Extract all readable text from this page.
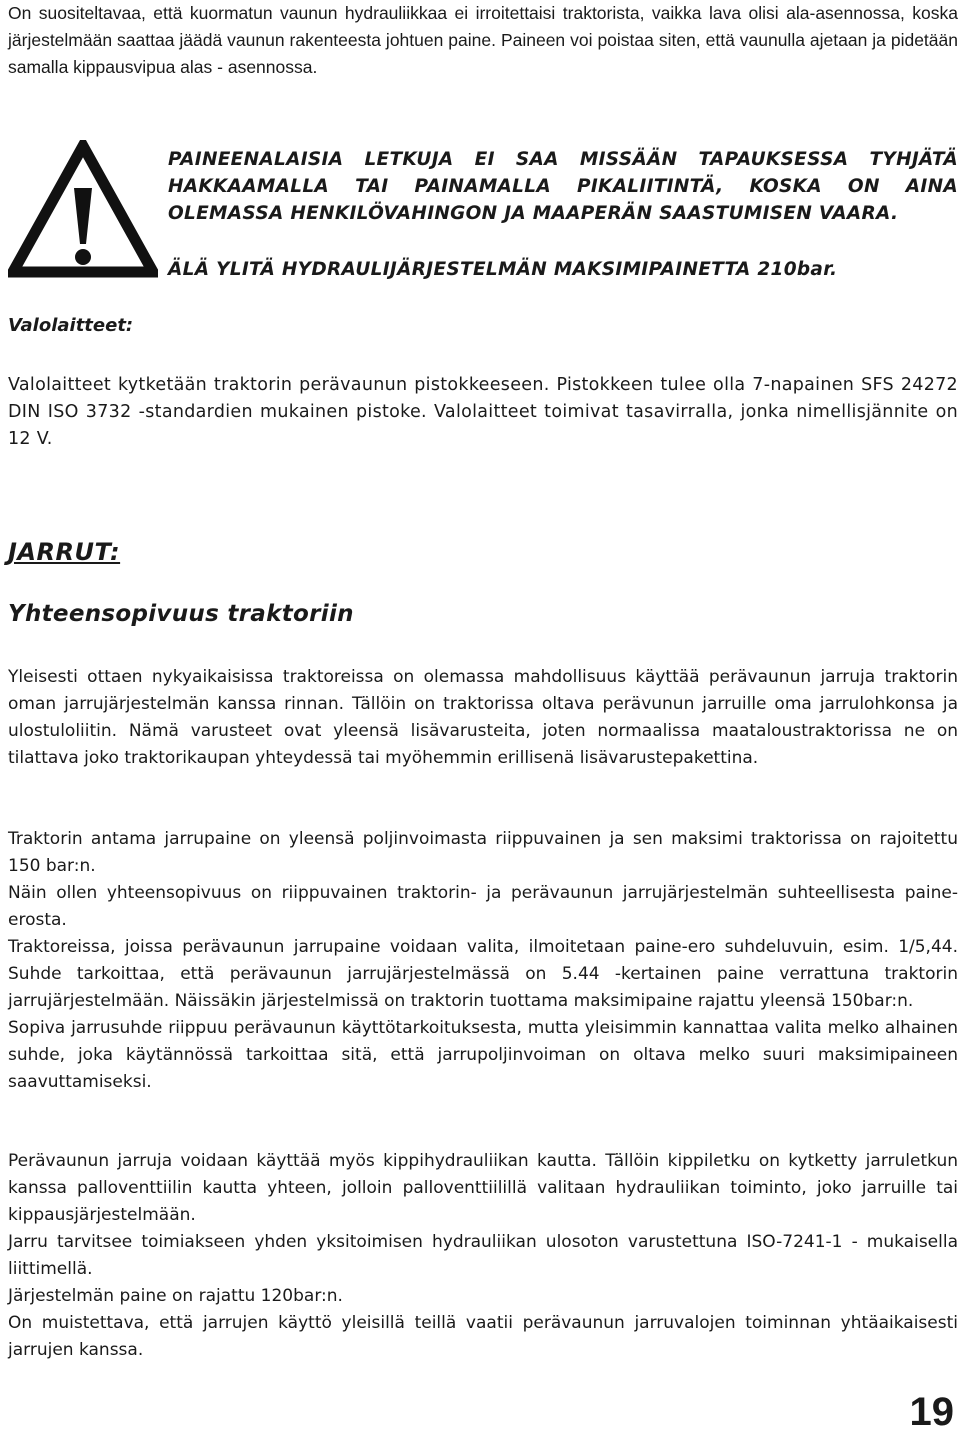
On suositeltavaa, että kuormatun vaunun hydrauliikkaa ei irroitettaisi traktorista, vaikka lava olisi ala-asennossa, koska järjestelmään saattaa jäädä vaunun rakenteesta johtuen paine. Paineen voi poistaa siten, että vaunulla ajetaan ja pidetään samalla kippausvipua alas - asennossa.

PAINEENALAISIA LETKUJA EI SAA MISSÄÄN TAPAUKSESSA TYHJÄTÄ HAKKAAMALLA TAI PAINAMALLA PIKALIITINTÄ, KOSKA ON AINA
OLEMASSA HENKILÖVAHINGON JA MAAPERÄN SAASTUMISEN VAARA.
ÄLÄ YLITÄ HYDRAULIJÄRJESTELMÄN MAKSIMIPAINETTA 210bar.
Valolaitteet:

Valolaitteet kytketään traktorin perävaunun pistokkeeseen. Pistokkeen tulee olla 7-napainen SFS 24272 DIN ISO 3732 -standardien mukainen pistoke. Valolaitteet toimivat tasavirralla, jonka nimellisjännite on 12 V.

JARRUT:
Yhteensopivuus traktoriin

Yleisesti ottaen nykyaikaisissa traktoreissa on olemassa mahdollisuus käyttää perävaunun jarruja traktorin oman jarrujärjestelmän kanssa rinnan. Tällöin on traktorissa oltava perävunun jarruille oma jarrulohkonsa ja ulostuloliitin. Nämä varusteet ovat yleensä lisävarusteita, joten normaalissa maataloustraktorissa ne on tilattava joko traktorikaupan yhteydessä tai myöhemmin erillisenä lisävarustepakettina.

Traktorin antama jarrupaine on yleensä poljinvoimasta riippuvainen ja sen maksimi traktorissa on rajoitettu 150 bar:n.

Näin ollen yhteensopivuus on riippuvainen traktorin- ja perävaunun jarrujärjestelmän suhteellisesta paine-erosta.

Traktoreissa, joissa perävaunun jarrupaine voidaan valita, ilmoitetaan paine-ero suhdeluvuin, esim. 1/5,44. Suhde tarkoittaa, että perävaunun jarrujärjestelmässä on 5.44 -kertainen paine verrattuna traktorin jarrujärjestelmään. Näissäkin järjestelmissä on traktorin tuottama maksimipaine rajattu yleensä 150bar:n.

Sopiva jarrusuhde riippuu perävaunun käyttötarkoituksesta, mutta yleisimmin kannattaa valita melko alhainen suhde, joka käytännössä tarkoittaa sitä, että jarrupoljinvoiman on oltava melko suuri maksimipaineen saavuttamiseksi.

Perävaunun jarruja voidaan käyttää myös kippihydrauliikan kautta. Tällöin kippiletku on kytketty jarruletkun kanssa palloventtiilin kautta yhteen, jolloin palloventtiilillä valitaan hydrauliikan toiminto, joko jarruille tai kippausjärjestelmään.

Jarru tarvitsee toimiakseen yhden yksitoimisen hydrauliikan ulosoton varustettuna ISO-7241-1 - mukaisella liittimellä.

Järjestelmän paine on rajattu 120bar:n.

On muistettava, että jarrujen käyttö yleisillä teillä vaatii perävaunun jarruvalojen toiminnan yhtäaikaisesti jarrujen kanssa.

19
